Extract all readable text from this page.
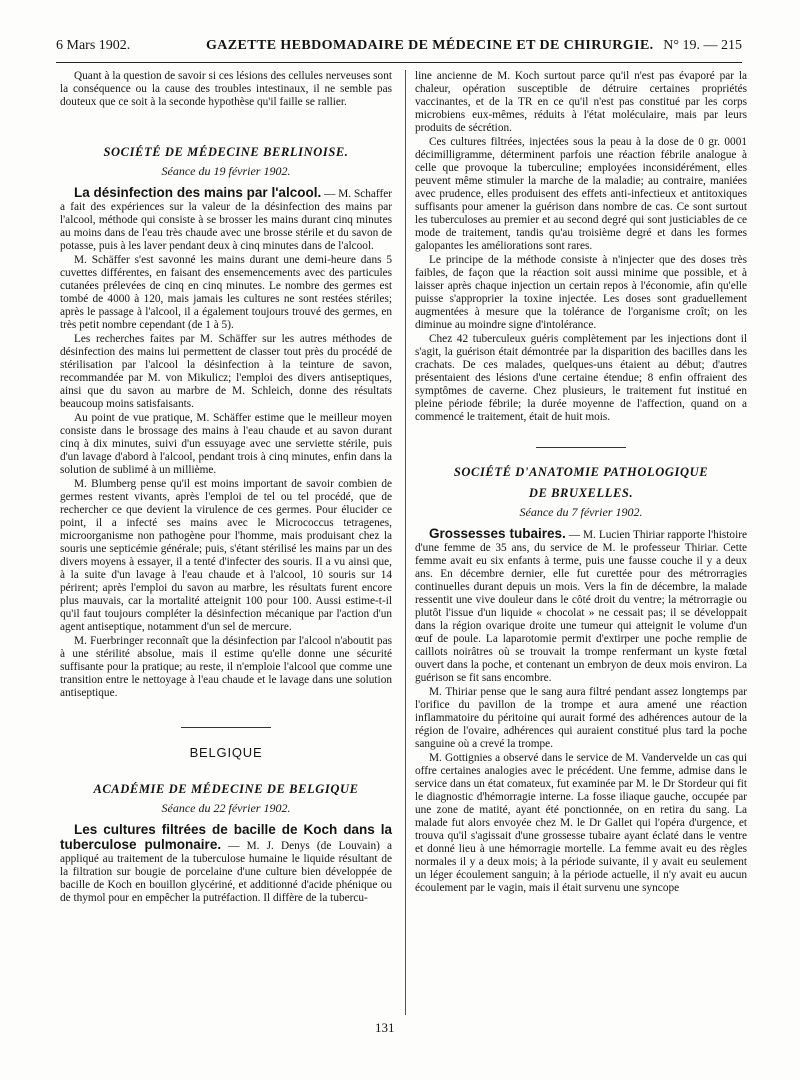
6 Mars 1902.	GAZETTE HEBDOMADAIRE DE MÉDECINE ET DE CHIRURGIE. N° 19. — 215

Quant à la question de savoir si ces lésions des cellules nerveuses sont la conséquence ou la cause des troubles intestinaux, il ne semble pas douteux que ce soit à la seconde hypothèse qu'il faille se rallier.

SOCIÉTÉ DE MÉDECINE BERLINOISE.
Séance du 19 février 1902.

La désinfection des mains par l'alcool. — M. Schaffer a fait des expériences sur la valeur de la désinfection des mains par l'alcool, méthode qui consiste à se brosser les mains durant cinq minutes au moins dans de l'eau très chaude avec une brosse stérile et du savon de potasse, puis à les laver pendant deux à cinq minutes dans de l'alcool.

M. Schäffer s'est savonné les mains durant une demi-heure dans 5 cuvettes différentes, en faisant des ensemencements avec des particules cutanées prélevées de cinq en cinq minutes. Le nombre des germes est tombé de 4000 à 120, mais jamais les cultures ne sont restées stériles; après le passage à l'alcool, il a également toujours trouvé des germes, en très petit nombre cependant (de 1 à 5).

Les recherches faites par M. Schäffer sur les autres méthodes de désinfection des mains lui permettent de classer tout près du procédé de stérilisation par l'alcool la désinfection à la teinture de savon, recommandée par M. von Mikulicz; l'emploi des divers antiseptiques, ainsi que du savon au marbre de M. Schleich, donne des résultats beaucoup moins satisfaisants.

Au point de vue pratique, M. Schäffer estime que le meilleur moyen consiste dans le brossage des mains à l'eau chaude et au savon durant cinq à dix minutes, suivi d'un essuyage avec une serviette stérile, puis d'un lavage d'abord à l'alcool, pendant trois à cinq minutes, enfin dans la solution de sublimé à un millième.

M. Blumberg pense qu'il est moins important de savoir combien de germes restent vivants, après l'emploi de tel ou tel procédé, que de rechercher ce que devient la virulence de ces germes. Pour élucider ce point, il a infecté ses mains avec le Micrococcus tetragenes, microorganisme non pathogène pour l'homme, mais produisant chez la souris une septicémie générale; puis, s'étant stérilisé les mains par un des divers moyens à essayer, il a tenté d'infecter des souris. Il a vu ainsi que, à la suite d'un lavage à l'eau chaude et à l'alcool, 10 souris sur 14 périrent; après l'emploi du savon au marbre, les résultats furent encore plus mauvais, car la mortalité atteignit 100 pour 100. Aussi estime-t-il qu'il faut toujours compléter la désinfection mécanique par l'action d'un agent antiseptique, notamment d'un sel de mercure.

M. Fuerbringer reconnaît que la désinfection par l'alcool n'aboutit pas à une stérilité absolue, mais il estime qu'elle donne une sécurité suffisante pour la pratique; au reste, il n'emploie l'alcool que comme une transition entre le nettoyage à l'eau chaude et le lavage dans une solution antiseptique.

BELGIQUE
ACADÉMIE DE MÉDECINE DE BELGIQUE
Séance du 22 février 1902.

Les cultures filtrées de bacille de Koch dans la tuberculose pulmonaire. — M. J. Denys (de Louvain) a appliqué au traitement de la tuberculose humaine le liquide résultant de la filtration sur bougie de porcelaine d'une culture bien développée de bacille de Koch en bouillon glycériné, et additionné d'acide phénique ou de thymol pour en empêcher la putréfaction. Il diffère de la tubercu-

line ancienne de M. Koch surtout parce qu'il n'est pas évaporé par la chaleur, opération susceptible de détruire certaines propriétés vaccinantes, et de la TR en ce qu'il n'est pas constitué par les corps microbiens eux-mêmes, réduits à l'état moléculaire, mais par leurs produits de sécrétion.

Ces cultures filtrées, injectées sous la peau à la dose de 0 gr. 0001 décimilligramme, déterminent parfois une réaction fébrile analogue à celle que provoque la tuberculine; employées inconsidérément, elles peuvent même stimuler la marche de la maladie; au contraire, maniées avec prudence, elles produisent des effets anti-infectieux et antitoxiques suffisants pour amener la guérison dans nombre de cas. Ce sont surtout les tuberculoses au premier et au second degré qui sont justiciables de ce mode de traitement, tandis qu'au troisième degré et dans les formes galopantes les améliorations sont rares.

Le principe de la méthode consiste à n'injecter que des doses très faibles, de façon que la réaction soit aussi minime que possible, et à laisser après chaque injection un certain repos à l'économie, afin qu'elle puisse s'approprier la toxine injectée. Les doses sont graduellement augmentées à mesure que la tolérance de l'organisme croît; on les diminue au moindre signe d'intolérance.

Chez 42 tuberculeux guéris complètement par les injections dont il s'agit, la guérison était démontrée par la disparition des bacilles dans les crachats. De ces malades, quelques-uns étaient au début; d'autres présentaient des lésions d'une certaine étendue; 8 enfin offraient des symptômes de caverne. Chez plusieurs, le traitement fut institué en pleine période fébrile; la durée moyenne de l'affection, quand on a commencé le traitement, était de huit mois.

SOCIÉTÉ D'ANATOMIE PATHOLOGIQUE
DE BRUXELLES.
Séance du 7 février 1902.

Grossesses tubaires. — M. Lucien Thiriar rapporte l'histoire d'une femme de 35 ans, du service de M. le professeur Thiriar. Cette femme avait eu six enfants à terme, puis une fausse couche il y a deux ans. En décembre dernier, elle fut curettée pour des métrorragies continuelles durant depuis un mois. Vers la fin de décembre, la malade ressentit une vive douleur dans le côté droit du ventre; la métrorragie ou plutôt l'issue d'un liquide « chocolat » ne cessait pas; il se développait dans la région ovarique droite une tumeur qui atteignit le volume d'un œuf de poule. La laparotomie permit d'extirper une poche remplie de caillots noirâtres où se trouvait la trompe renfermant un kyste fœtal ouvert dans la poche, et contenant un embryon de deux mois environ. La guérison se fit sans encombre.

M. Thiriar pense que le sang aura filtré pendant assez longtemps par l'orifice du pavillon de la trompe et aura amené une réaction inflammatoire du péritoine qui aurait formé des adhérences autour de la région de l'ovaire, adhérences qui auraient constitué plus tard la poche sanguine où a crevé la trompe.

M. Gottignies a observé dans le service de M. Vandervelde un cas qui offre certaines analogies avec le précédent. Une femme, admise dans le service dans un état comateux, fut examinée par M. le Dr Stordeur qui fit le diagnostic d'hémorragie interne. La fosse iliaque gauche, occupée par une zone de matité, ayant été ponctionnée, on en retira du sang. La malade fut alors envoyée chez M. le Dr Gallet qui l'opéra d'urgence, et trouva qu'il s'agissait d'une grossesse tubaire ayant éclaté dans le ventre et donné lieu à une hémorragie mortelle. La femme avait eu des règles normales il y a deux mois; à la période suivante, il y avait eu seulement un léger écoulement sanguin; à la période actuelle, il n'y avait eu aucun écoulement par le vagin, mais il était survenu une syncope

131
